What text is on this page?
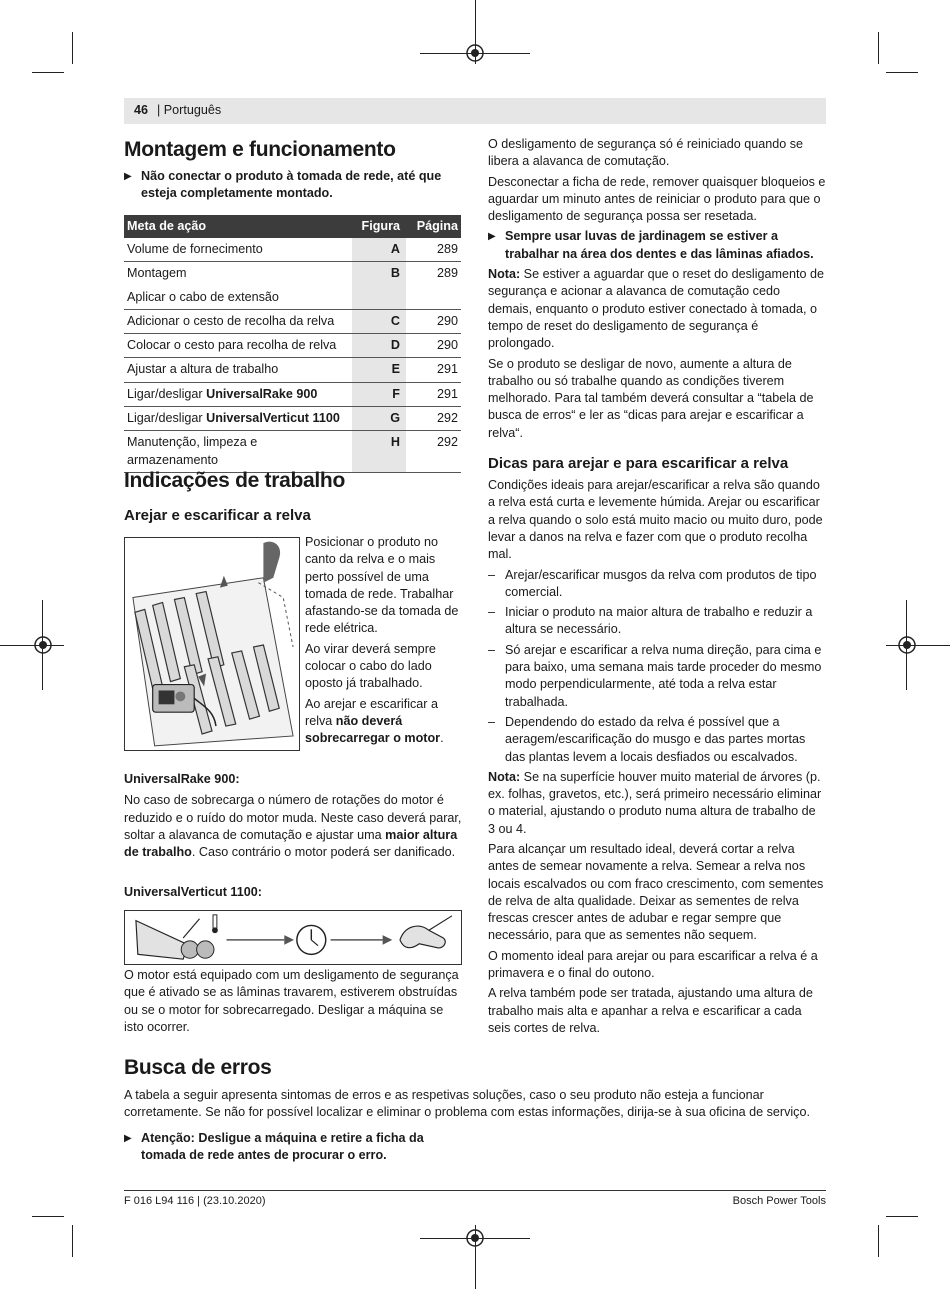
46 | Português
Montagem e funcionamento
▶ Não conectar o produto à tomada de rede, até que esteja completamente montado.
Meta de ação	Figura	Página
Volume de fornecimento	A	289
Montagem	B	289
Aplicar o cabo de extensão		
Adicionar o cesto de recolha da relva	C	290
Colocar o cesto para recolha de relva	D	290
Ajustar a altura de trabalho	E	291
Ligar/desligar UniversalRake 900	F	291
Ligar/desligar UniversalVerticut 1100	G	292
Manutenção, limpeza e armazenamento	H	292
Indicações de trabalho
Arejar e escarificar a relva

Posicionar o produto no canto da relva e o mais perto possível de uma tomada de rede. Trabalhar afastando-se da tomada de rede elétrica.

Ao virar deverá sempre colocar o cabo do lado oposto já trabalhado.

Ao arejar e escarificar a relva não deverá sobrecarregar o motor.

UniversalRake 900:

No caso de sobrecarga o número de rotações do motor é reduzido e o ruído do motor muda. Neste caso deverá parar, soltar a alavanca de comutação e ajustar uma maior altura de trabalho. Caso contrário o motor poderá ser danificado.

UniversalVerticut 1100:

O motor está equipado com um desligamento de segurança que é ativado se as lâminas travarem, estiverem obstruídas ou se o motor for sobrecarregado. Desligar a máquina se isto ocorrer.

O desligamento de segurança só é reiniciado quando se libera a alavanca de comutação.

Desconectar a ficha de rede, remover quaisquer bloqueios e aguardar um minuto antes de reiniciar o produto para que o desligamento de segurança possa ser resetada.

▶ Sempre usar luvas de jardinagem se estiver a trabalhar na área dos dentes e das lâminas afiados.

Nota: Se estiver a aguardar que o reset do desligamento de segurança e acionar a alavanca de comutação cedo demais, enquanto o produto estiver conectado à tomada, o tempo de reset do desligamento de segurança é prolongado.

Se o produto se desligar de novo, aumente a altura de trabalho ou só trabalhe quando as condições tiverem melhorado. Para tal também deverá consultar a “tabela de busca de erros“ e ler as “dicas para arejar e escarificar a relva“.

Dicas para arejar e para escarificar a relva

Condições ideais para arejar/escarificar a relva são quando a relva está curta e levemente húmida. Arejar ou escarificar a relva quando o solo está muito macio ou muito duro, pode levar a danos na relva e fazer com que o produto recolha mal.

– Arejar/escarificar musgos da relva com produtos de tipo comercial.
– Iniciar o produto na maior altura de trabalho e reduzir a altura se necessário.
– Só arejar e escarificar a relva numa direção, para cima e para baixo, uma semana mais tarde proceder do mesmo modo perpendicularmente, até toda a relva estar trabalhada.
– Dependendo do estado da relva é possível que a aeragem/escarificação do musgo e das partes mortas das plantas levem a locais desfiados ou escalvados.

Nota: Se na superfície houver muito material de árvores (p. ex. folhas, gravetos, etc.), será primeiro necessário eliminar o material, ajustando o produto numa altura de trabalho de 3 ou 4.

Para alcançar um resultado ideal, deverá cortar a relva antes de semear novamente a relva. Semear a relva nos locais escalvados ou com fraco crescimento, com sementes de relva de alta qualidade. Deixar as sementes de relva frescas crescer antes de adubar e regar sempre que necessário, para que as sementes não sequem.

O momento ideal para arejar ou para escarificar a relva é a primavera e o final do outono.

A relva também pode ser tratada, ajustando uma altura de trabalho mais alta e apanhar a relva e escarificar a cada seis cortes de relva.

Busca de erros

A tabela a seguir apresenta sintomas de erros e as respetivas soluções, caso o seu produto não esteja a funcionar corretamente. Se não for possível localizar e eliminar o problema com estas informações, dirija-se à sua oficina de serviço.

▶ Atenção: Desligue a máquina e retire a ficha da tomada de rede antes de procurar o erro.
F 016 L94 116 | (23.10.2020)	Bosch Power Tools
